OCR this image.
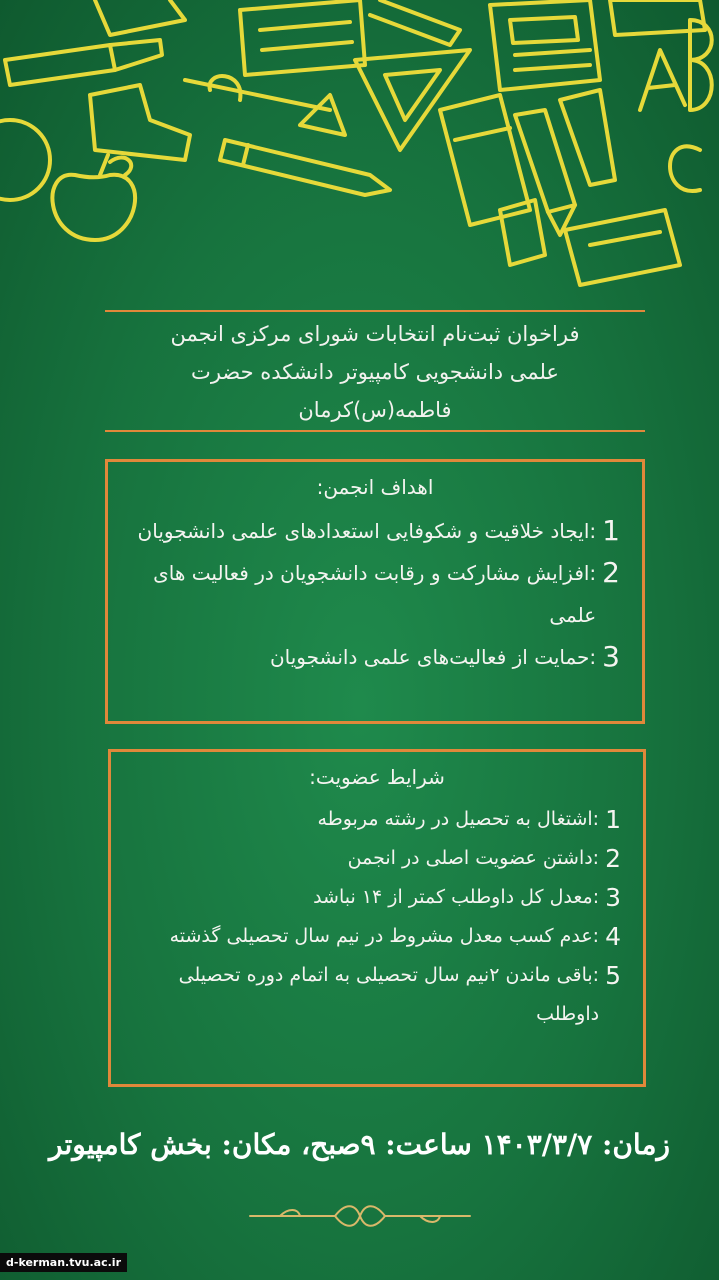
فراخوان ثبت‌نام انتخابات شورای مرکزی انجمن
علمی دانشجویی کامپیوتر دانشکده حضرت
فاطمه(س)کرمان
اهداف انجمن:
1
:ایجاد خلاقیت و شکوفایی استعدادهای علمی دانشجویان
2
:افزایش مشارکت و رقابت دانشجویان در فعالیت های علمی
3
:حمایت از فعالیت‌های علمی دانشجویان
شرایط عضویت:
1
:اشتغال به تحصیل در رشته مربوطه
2
:داشتن عضویت اصلی در انجمن
3
:معدل کل داوطلب کمتر از ۱۴ نباشد
4
:عدم کسب معدل مشروط در نیم سال تحصیلی گذشته
5
:باقی ماندن ۲نیم سال تحصیلی به اتمام دوره تحصیلی داوطلب
زمان: ۱۴۰۳/۳/۷ ساعت: ۹صبح، مکان: بخش کامپیوتر
d-kerman.tvu.ac.ir
